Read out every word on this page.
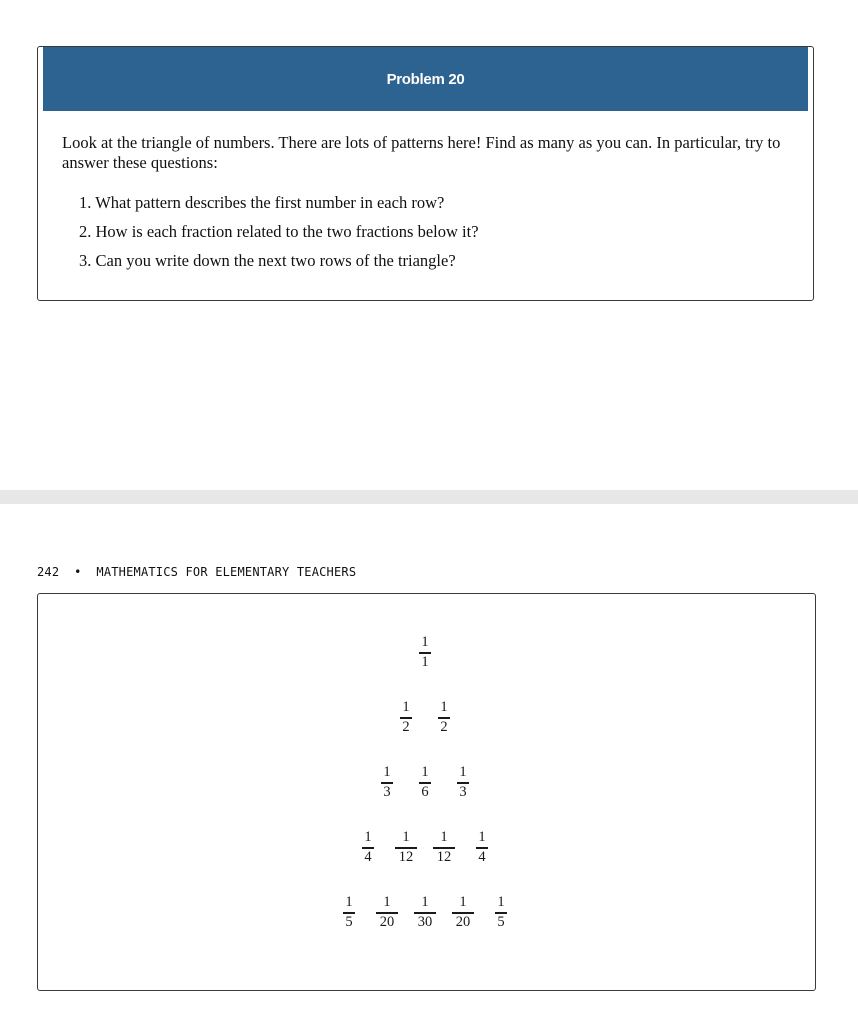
Problem 20

Look at the triangle of numbers. There are lots of patterns here! Find as many as you can. In particular, try to answer these questions:

1. What pattern describes the first number in each row?
2. How is each fraction related to the two fractions below it?
3. Can you write down the next two rows of the triangle?
242  •  MATHEMATICS FOR ELEMENTARY TEACHERS
1
1
1
2
1
2
1
3
1
6
1
3
1
4
1
12
1
12
1
4
1
5
1
20
1
30
1
20
1
5
